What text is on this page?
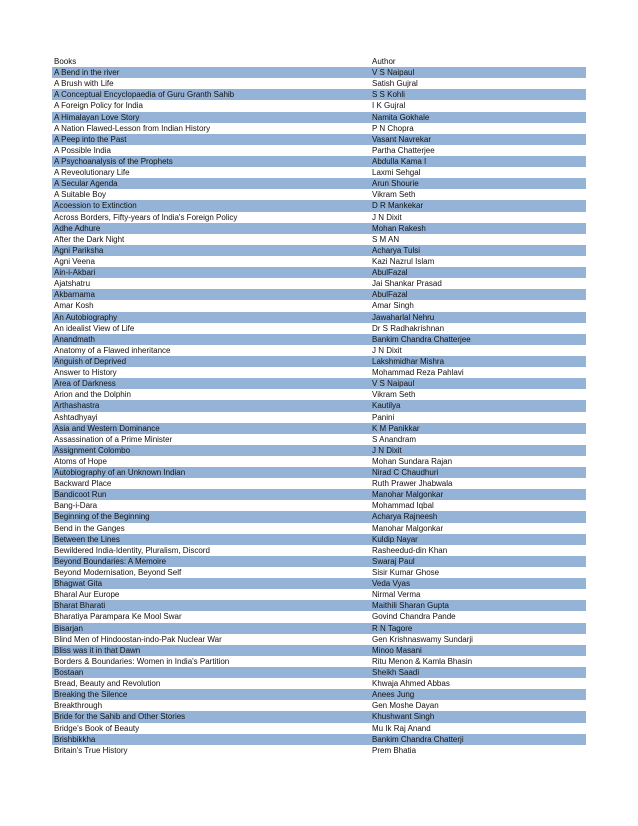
Books	Author
A Bend in the river	V S Naipaul
A Brush with Life	Satish Gujral
A Conceptual Encyclopaedia of Guru Granth Sahib	S S Kohli
A Foreign Policy for India	I K Gujral
A Himalayan Love Story	Namita Gokhale
A Nation Flawed-Lesson from Indian History	P N Chopra
A Peep into the Past	Vasant Navrekar
A Possible India	Partha Chatterjee
A Psychoanalysis of the Prophets	Abdulla Kama I
A Reveolutionary Life	Laxmi Sehgal
A Secular Agenda	Arun Shourie
A Suitable Boy	Vikram Seth
Acoession to Extinction	D R Mankekar
Across Borders, Fifty-years of India's Foreign Policy	J N Dixit
Adhe Adhure	Mohan Rakesh
After the Dark Night	S M AN
Agni Pariksha	Acharya Tulsi
Agni Veena	Kazi Nazrul Islam
Ain-i-Akbari	AbulFazal
Ajatshatru	Jai Shankar Prasad
Akbarnama	AbulFazal
Amar Kosh	Amar Singh
An Autobiography	Jawaharlal Nehru
An idealist View of Life	Dr S Radhakrishnan
Anandmath	Bankim Chandra Chatterjee
Anatomy of a Flawed inheritance	J N Dixit
Anguish of Deprived	Lakshmidhar Mishra
Answer to History	Mohammad Reza Pahlavi
Area of Darkness	V S Naipaul
Arion and the Dolphin	Vikram Seth
Arthashastra	Kautilya
Ashtadhyayi	Panini
Asia and Western Dominance	K M Panikkar
Assassination of a Prime Minister	S Anandram
Assignment Colombo	J N Dixit
Atoms of Hope	Mohan Sundara Rajan
Autobiography of an Unknown Indian	Nirad C Chaudhuri
Backward Place	Ruth Prawer Jhabwala
Bandicoot Run	Manohar Malgonkar
Bang-i-Dara	Mohammad Iqbal
Beginning of the Beginning	Acharya Rajneesh
Bend in the Ganges	Manohar Malgonkar
Between the Lines	Kuldip Nayar
Bewildered India-Identity, Pluralism, Discord	Rasheedud-din Khan
Beyond Boundaries: A Memoire	Swaraj Paul
Beyond Modernisation, Beyond Self	Sisir Kumar Ghose
Bhagwat Gita	Veda Vyas
Bharal Aur Europe	Nirmal Verma
Bharat Bharati	Maithili Sharan Gupta
Bharatiya Parampara Ke Mool Swar	Govind Chandra Pande
Bisarjan	R N Tagore
Blind Men of Hindoostan-indo-Pak Nuclear War	Gen Krishnaswamy Sundarji
Bliss was it in that Dawn	Minoo Masani
Borders & Boundaries: Women in India's Partition	Ritu Menon & Kamla Bhasin
Bostaan	Sheikh Saadi
Bread, Beauty and Revolution	Khwaja Ahmed Abbas
Breaking the Silence	Anees Jung
Breakthrough	Gen Moshe Dayan
Bride for the Sahib and Other Stories	Khushwant Singh
Bridge's Book of Beauty	Mu Ik Raj Anand
Brishbikkha	Bankim Chandra Chatterji
Britain's True History	Prem Bhatia
